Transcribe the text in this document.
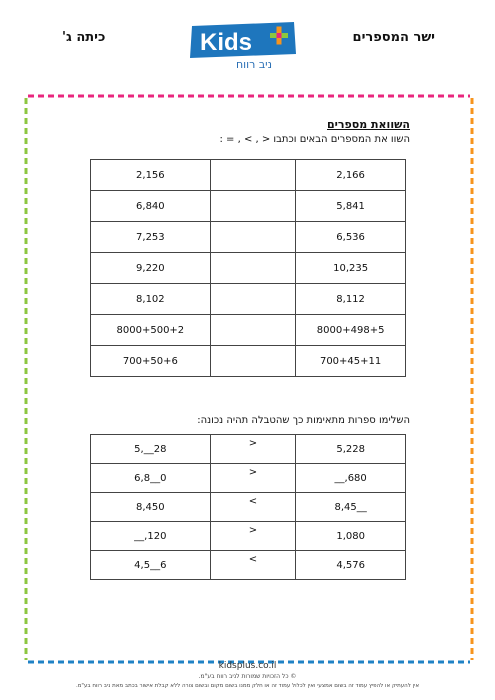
ישר המספרים
כיתה ג'	Kids
ניב רווח
השוואת מספרים
השוו את המספרים הבאים וכתבו < , > , = :
2,156		2,166
6,840		5,841
7,253		6,536
9,220		10,235
8,102		8,112
8000+500+2		8000+498+5
700+50+6		700+45+11
השלימו ספרות מתאימות כך שהטבלה תהיה נכונה:
5,__28	>	5,228
6,8__0	>	__,680
8,450	<	8,45__
__,120	>	1,080
4,5__6	<	4,576
kidsplus.co.il
© כל הזכויות שמורות לניב רווח בע"מ.
אין להעתיק או להפיץ עמוד זה בשום אמצעי ואין לכלול עמוד זה או חלק ממנו בשום מקום ובשום צורה ללא קבלת אישור בכתב מאת ניב רווח בע"מ.
